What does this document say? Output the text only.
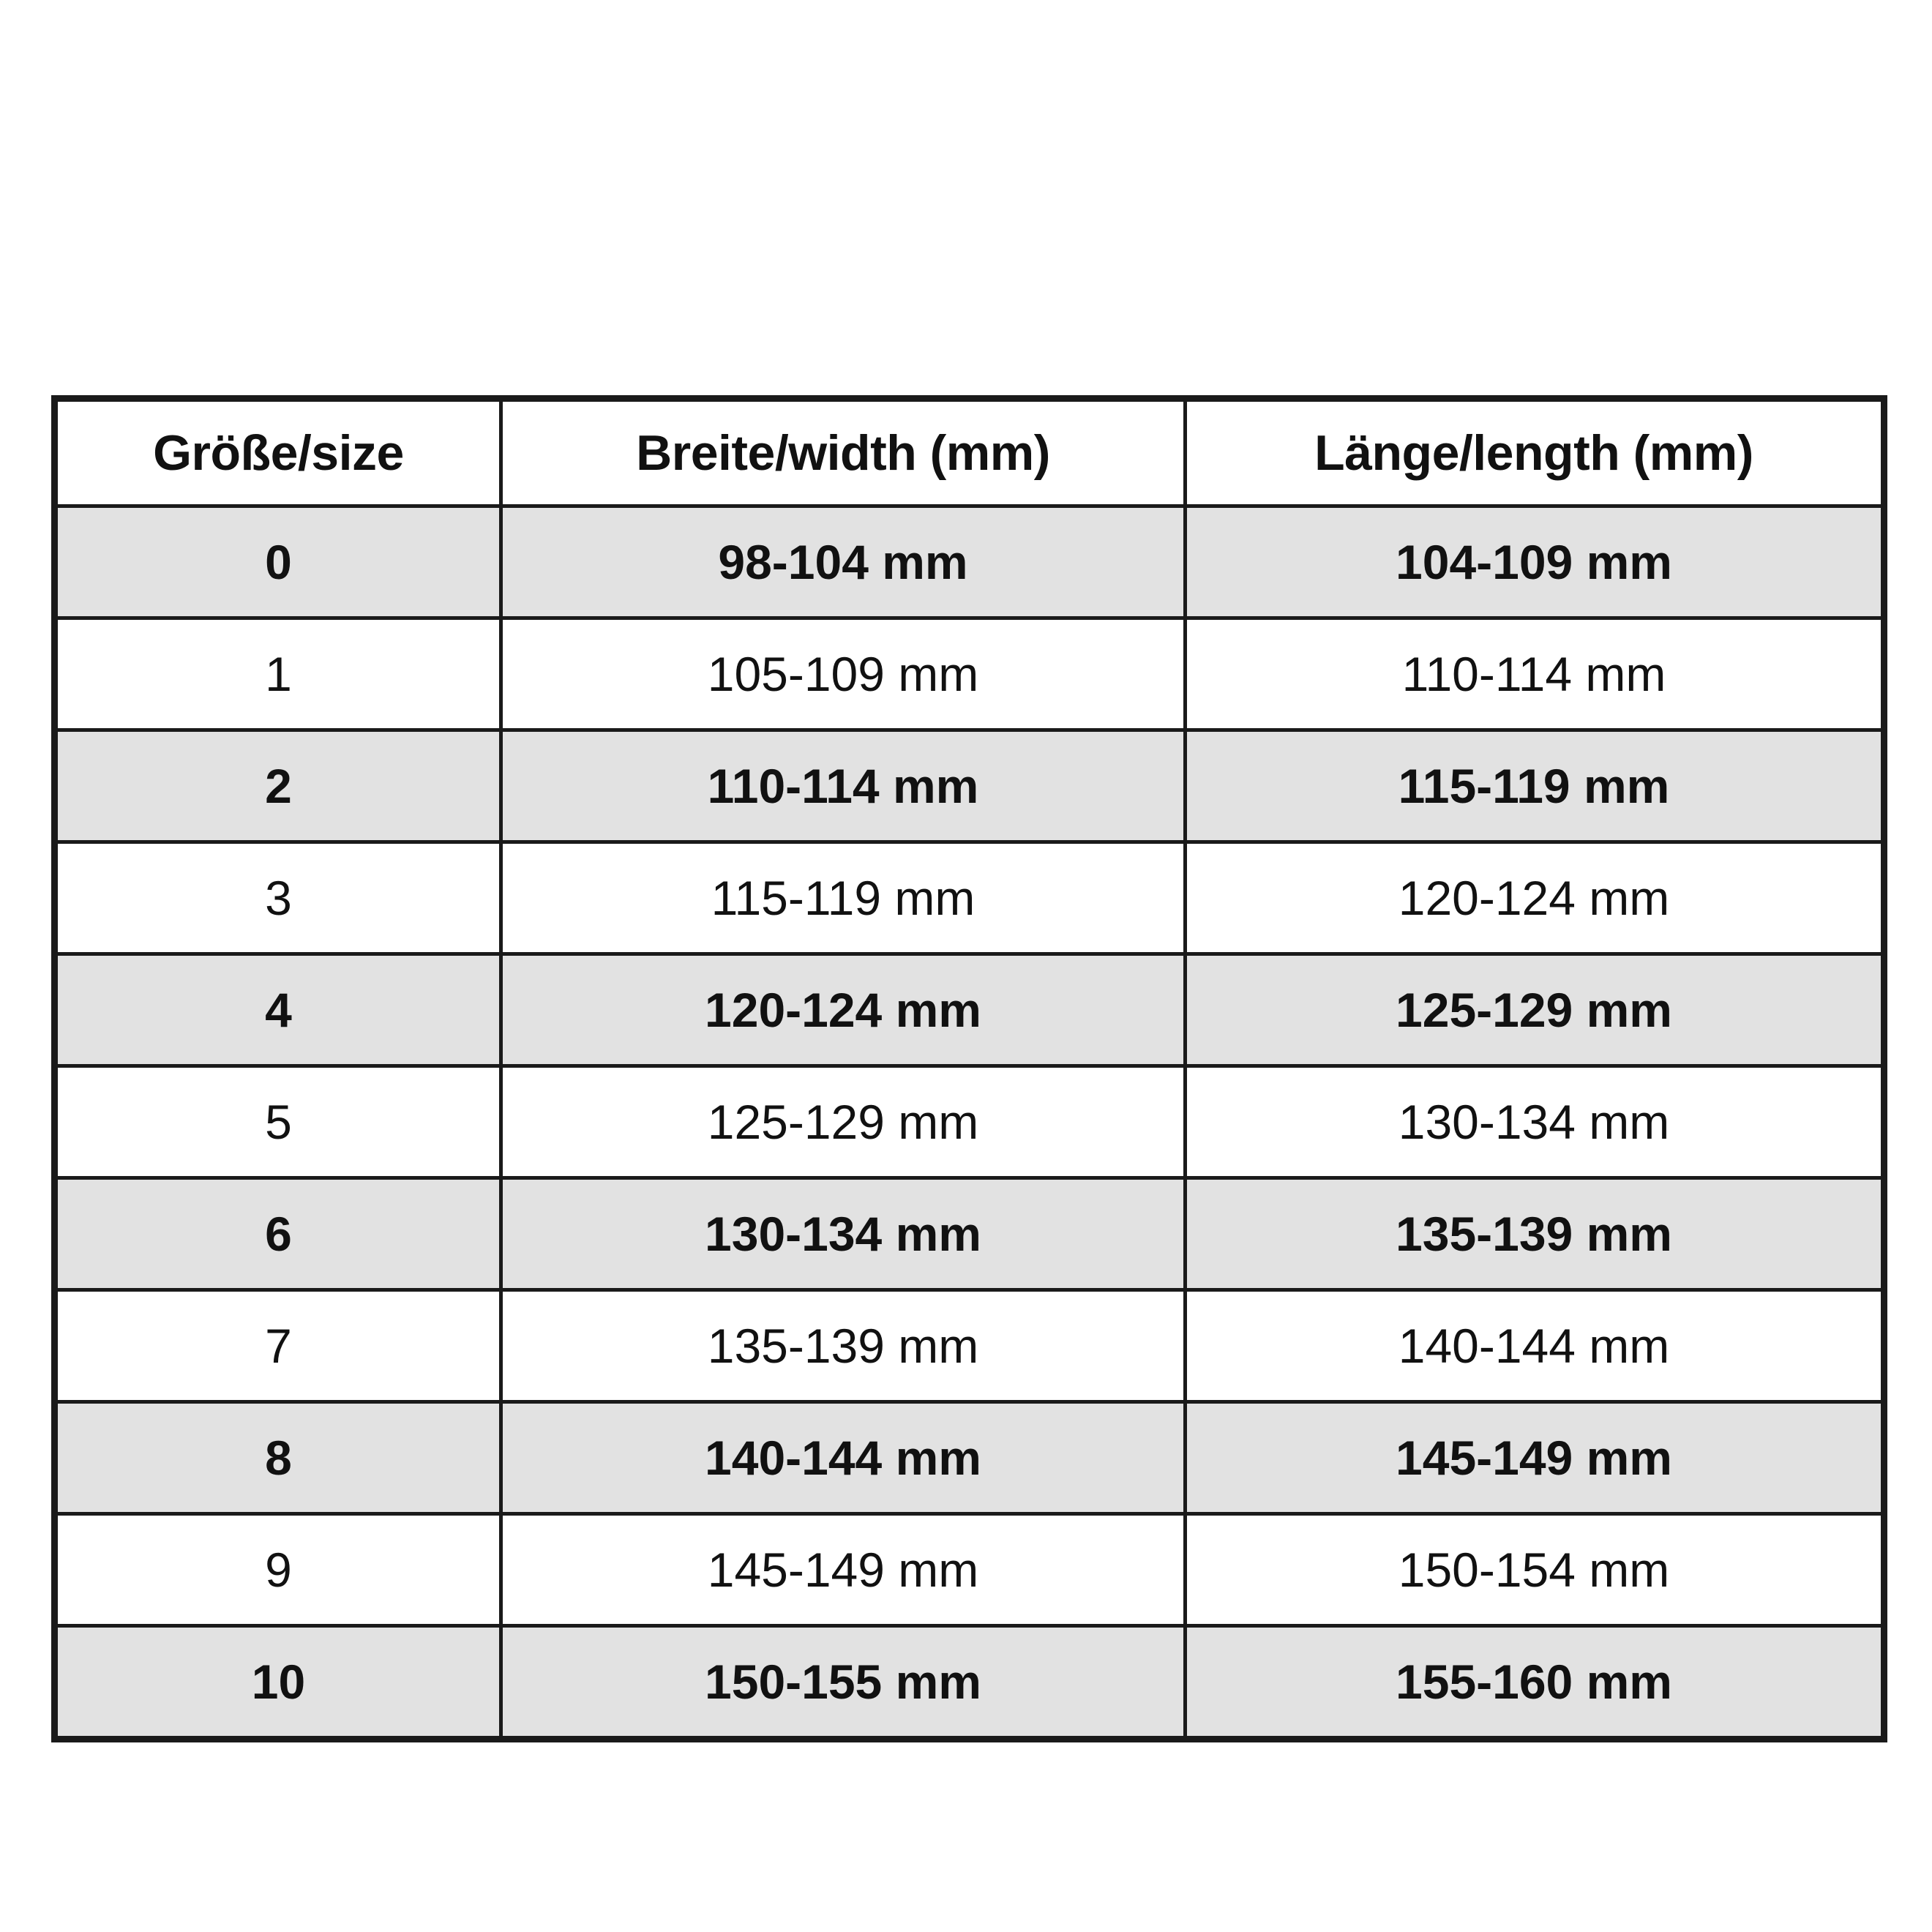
Größe/size	Breite/width (mm)	Länge/length (mm)
0	98-104 mm	104-109 mm
1	105-109 mm	110-114 mm
2	110-114 mm	115-119 mm
3	115-119 mm	120-124 mm
4	120-124 mm	125-129 mm
5	125-129 mm	130-134 mm
6	130-134 mm	135-139 mm
7	135-139 mm	140-144 mm
8	140-144 mm	145-149 mm
9	145-149 mm	150-154 mm
10	150-155 mm	155-160 mm
